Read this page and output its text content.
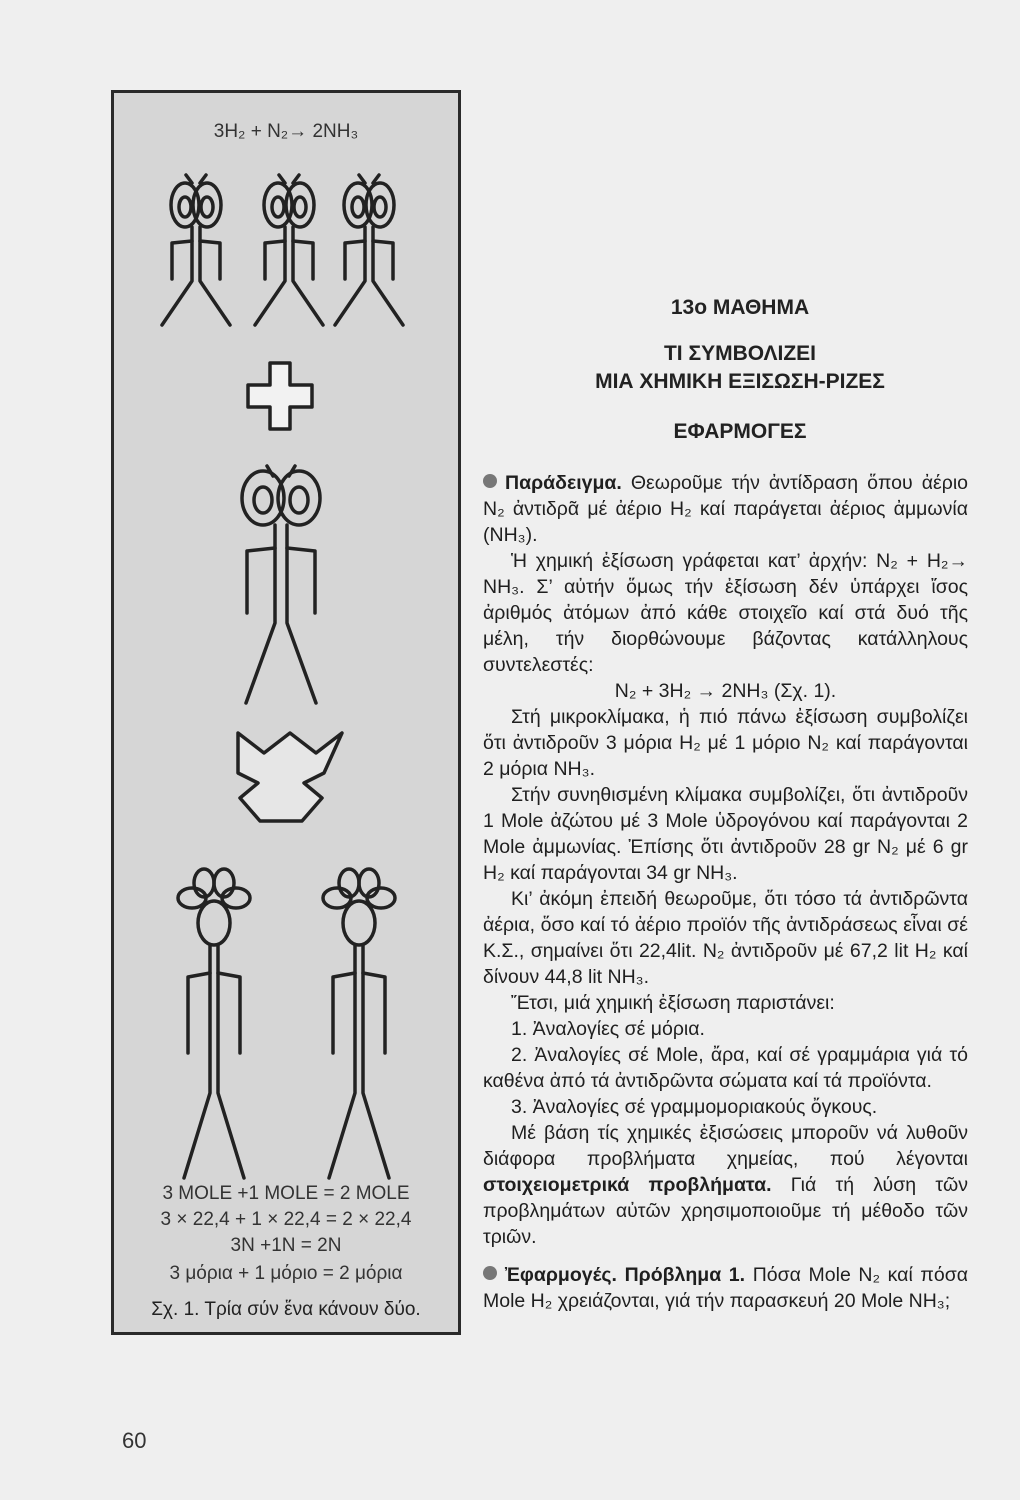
3H₂ + N₂→ 2NH₃
3 MOLE +1 MOLE = 2 MOLE
3 × 22,4 + 1 × 22,4 = 2 × 22,4
3N +1N = 2N
3 μόρια + 1 μόριο = 2 μόρια
Σχ. 1. Τρία σύν ἕνα κάνουν δύο.
13ο ΜΑΘΗΜΑ
ΤΙ ΣΥΜΒΟΛΙΖΕΙ
ΜΙΑ ΧΗΜΙΚΗ ΕΞΙΣΩΣΗ-ΡΙΖΕΣ
ΕΦΑΡΜΟΓΕΣ

Παράδειγμα. Θεωροῦμε τήν ἀντίδραση ὅπου ἀέριο N₂ ἀντιδρᾶ μέ ἀέριο H₂ καί παράγεται ἀέριος ἀμμωνία (NH₃).

Ἡ χημική ἐξίσωση γράφεται κατ’ ἀρχήν: N₂ + H₂→ NH₃. Σ’ αὐτήν ὅμως τήν ἐξίσωση δέν ὑπάρχει ἴσος ἀριθμός ἀτόμων ἀπό κάθε στοιχεῖο καί στά δυό τῆς μέλη, τήν διορθώνουμε βάζοντας κατάλληλους συντελεστές:

N₂ + 3H₂ → 2NH₃ (Σχ. 1).

Στή μικροκλίμακα, ἡ πιό πάνω ἐξίσωση συμβολίζει ὅτι ἀντιδροῦν 3 μόρια H₂ μέ 1 μόριο N₂ καί παράγονται 2 μόρια NH₃.

Στήν συνηθισμένη κλίμακα συμβολίζει, ὅτι ἀντιδροῦν 1 Mole ἀζώτου μέ 3 Mole ὑδρογόνου καί παράγονται 2 Mole ἀμμωνίας. Ἐπίσης ὅτι ἀντιδροῦν 28 gr N₂ μέ 6 gr H₂ καί παράγονται 34 gr NH₃.

Κι’ ἀκόμη ἐπειδή θεωροῦμε, ὅτι τόσο τά ἀντιδρῶντα ἀέρια, ὅσο καί τό ἀέριο προϊόν τῆς ἀντιδράσεως εἶναι σέ Κ.Σ., σημαίνει ὅτι 22,4lit. N₂ ἀντιδροῦν μέ 67,2 lit H₂ καί δίνουν 44,8 lit NH₃.

Ἔτσι, μιά χημική ἐξίσωση παριστάνει:

1. Ἀναλογίες σέ μόρια.

2. Ἀναλογίες σέ Mole, ἄρα, καί σέ γραμμάρια γιά τό καθένα ἀπό τά ἀντιδρῶντα σώματα καί τά προϊόντα.

3. Ἀναλογίες σέ γραμμομοριακούς ὄγκους.

Μέ βάση τίς χημικές ἐξισώσεις μποροῦν νά λυθοῦν διάφορα προβλήματα χημείας, πού λέγονται στοιχειομετρικά προβλήματα. Γιά τή λύση τῶν προβλημάτων αὐτῶν χρησιμοποιοῦμε τή μέθοδο τῶν τριῶν.

Ἐφαρμογές. Πρόβλημα 1. Πόσα Mole N₂ καί πόσα Mole H₂ χρειάζονται, γιά τήν παρασκευή 20 Mole NH₃;

60
